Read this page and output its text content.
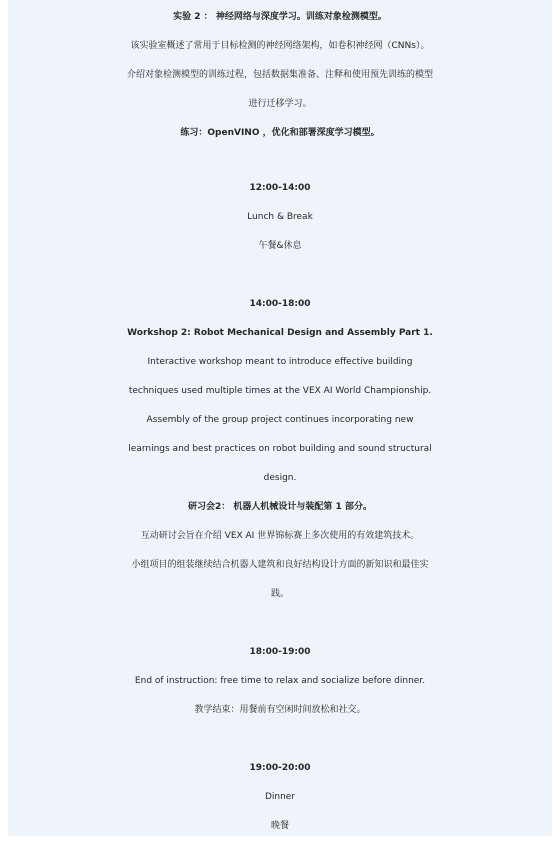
实验 2 ： 神经网络与深度学习。训练对象检测模型。
该实验室概述了常用于目标检测的神经网络架构，如卷积神经网（CNNs）。
介绍对象检测模型的训练过程，包括数据集准备、注释和使用预先训练的模型
进行迁移学习。
练习：OpenVINO ，优化和部署深度学习模型。
12:00-14:00
Lunch & Break
午餐&休息
14:00-18:00
Workshop 2: Robot Mechanical Design and Assembly Part 1.
Interactive workshop meant to introduce effective building
techniques used multiple times at the VEX AI World Championship.
Assembly of the group project continues incorporating new
learnings and best practices on robot building and sound structural
design.
研习会2： 机器人机械设计与装配第 1 部分。
互动研讨会旨在介绍 VEX AI 世界锦标赛上多次使用的有效建筑技术。
小组项目的组装继续结合机器人建筑和良好结构设计方面的新知识和最佳实
践。
18:00-19:00
End of instruction: free time to relax and socialize before dinner.
教学结束：用餐前有空闲时间放松和社交。
19:00-20:00
Dinner
晚餐
